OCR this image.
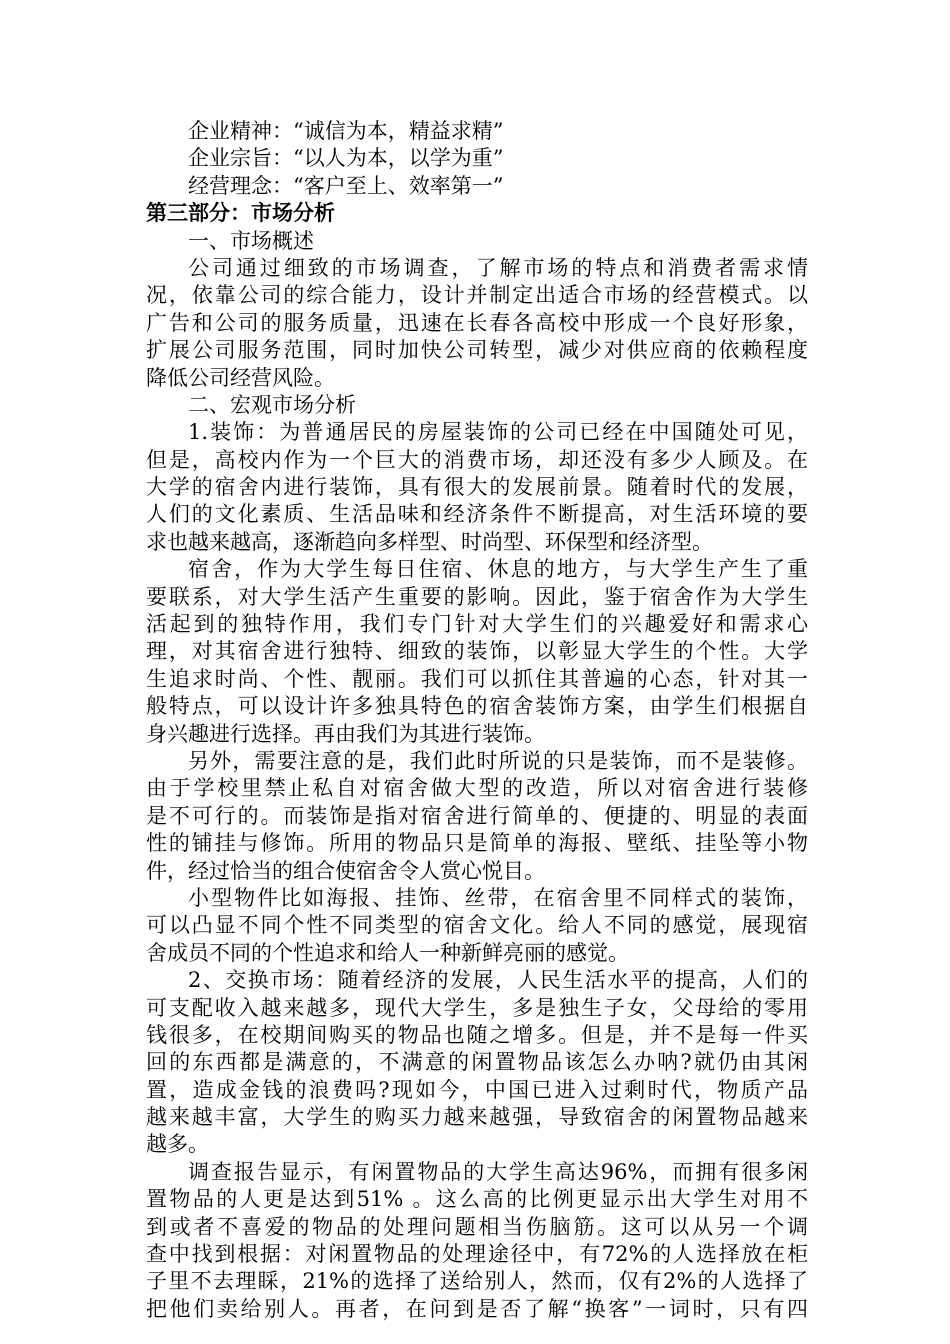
企业精神：“诚信为本，精益求精”
企业宗旨：“以人为本，以学为重”
经营理念：“客户至上、效率第一”
第三部分：市场分析
一、市场概述
公司通过细致的市场调查，了解市场的特点和消费者需求情
况，依靠公司的综合能力，设计并制定出适合市场的经营模式。以
广告和公司的服务质量，迅速在长春各高校中形成一个良好形象，
扩展公司服务范围，同时加快公司转型，减少对供应商的依赖程度
降低公司经营风险。
二、宏观市场分析
1.装饰：为普通居民的房屋装饰的公司已经在中国随处可见，
但是，高校内作为一个巨大的消费市场，却还没有多少人顾及。在
大学的宿舍内进行装饰，具有很大的发展前景。随着时代的发展，
人们的文化素质、生活品味和经济条件不断提高，对生活环境的要
求也越来越高，逐渐趋向多样型、时尚型、环保型和经济型。
宿舍，作为大学生每日住宿、休息的地方，与大学生产生了重
要联系，对大学生活产生重要的影响。因此，鉴于宿舍作为大学生
活起到的独特作用，我们专门针对大学生们的兴趣爱好和需求心
理，对其宿舍进行独特、细致的装饰，以彰显大学生的个性。大学
生追求时尚、个性、靓丽。我们可以抓住其普遍的心态，针对其一
般特点，可以设计许多独具特色的宿舍装饰方案，由学生们根据自
身兴趣进行选择。再由我们为其进行装饰。
另外，需要注意的是，我们此时所说的只是装饰，而不是装修。
由于学校里禁止私自对宿舍做大型的改造，所以对宿舍进行装修
是不可行的。而装饰是指对宿舍进行简单的、便捷的、明显的表面
性的铺挂与修饰。所用的物品只是简单的海报、壁纸、挂坠等小物
件，经过恰当的组合使宿舍令人赏心悦目。
小型物件比如海报、挂饰、丝带，在宿舍里不同样式的装饰，
可以凸显不同个性不同类型的宿舍文化。给人不同的感觉，展现宿
舍成员不同的个性追求和给人一种新鲜亮丽的感觉。
2、交换市场：随着经济的发展，人民生活水平的提高，人们的
可支配收入越来越多，现代大学生，多是独生子女，父母给的零用
钱很多，在校期间购买的物品也随之增多。但是，并不是每一件买
回的东西都是满意的，不满意的闲置物品该怎么办呐?就仍由其闲
置，造成金钱的浪费吗?现如今，中国已进入过剩时代，物质产品
越来越丰富，大学生的购买力越来越强，导致宿舍的闲置物品越来
越多。
调查报告显示，有闲置物品的大学生高达96%，而拥有很多闲
置物品的人更是达到51% 。这么高的比例更显示出大学生对用不
到或者不喜爱的物品的处理问题相当伤脑筋。这可以从另一个调
查中找到根据：对闲置物品的处理途径中，有72%的人选择放在柜
子里不去理睬，21%的选择了送给别人，然而，仅有2%的人选择了
把他们卖给别人。再者，在问到是否了解“换客”一词时，只有四
